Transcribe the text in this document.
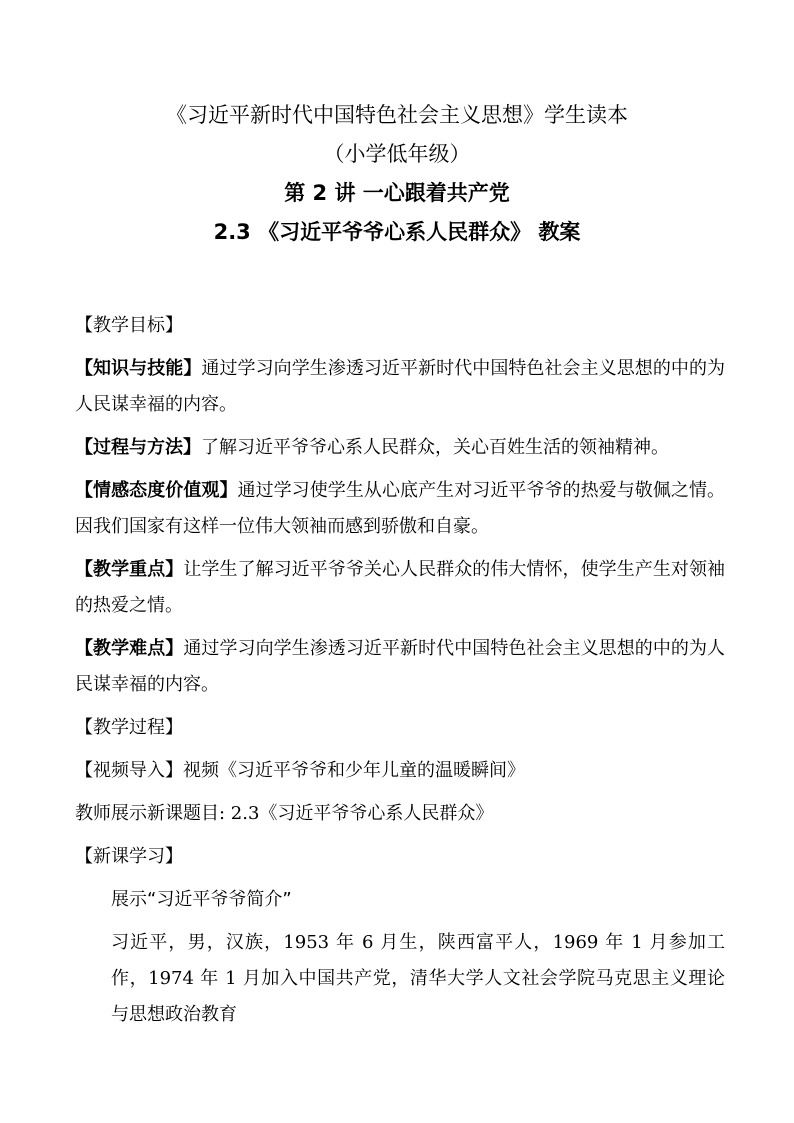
《习近平新时代中国特色社会主义思想》学生读本

（小学低年级）

第 2 讲 一心跟着共产党

2.3 《习近平爷爷心系人民群众》 教案

【教学目标】

【知识与技能】通过学习向学生渗透习近平新时代中国特色社会主义思想的中的为人民谋幸福的内容。

【过程与方法】了解习近平爷爷心系人民群众，关心百姓生活的领袖精神。

【情感态度价值观】通过学习使学生从心底产生对习近平爷爷的热爱与敬佩之情。因我们国家有这样一位伟大领袖而感到骄傲和自豪。

【教学重点】让学生了解习近平爷爷关心人民群众的伟大情怀，使学生产生对领袖的热爱之情。

【教学难点】通过学习向学生渗透习近平新时代中国特色社会主义思想的中的为人民谋幸福的内容。

【教学过程】

【视频导入】视频《习近平爷爷和少年儿童的温暖瞬间》

教师展示新课题目: 2.3《习近平爷爷心系人民群众》

【新课学习】

展示“习近平爷爷简介”

习近平，男，汉族，1953 年 6 月生，陕西富平人，1969 年 1 月参加工作，1974 年 1 月加入中国共产党，清华大学人文社会学院马克思主义理论与思想政治教育
